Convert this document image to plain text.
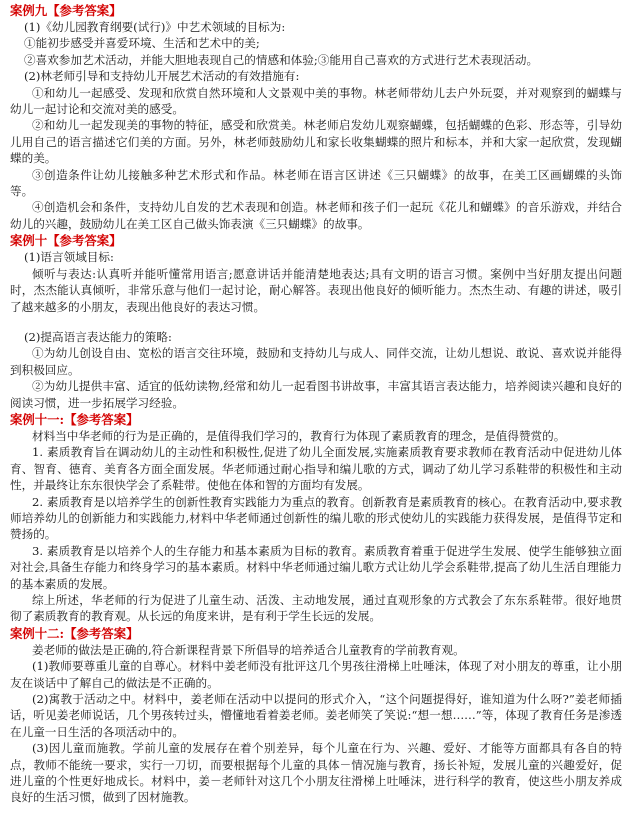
案例九【参考答案】

(1)《幼儿园教育纲要(试行)》中艺术领域的目标为:

①能初步感受并喜爱环境、生活和艺术中的美;

②喜欢参加艺术活动，并能大胆地表现自己的情感和体验;③能用自己喜欢的方式进行艺术表现活动。

(2)林老师引导和支持幼儿开展艺术活动的有效措施有:

①和幼儿一起感受、发现和欣赏自然环境和人文景观中美的事物。林老师带幼儿去户外玩耍，并对观察到的蝴蝶与幼儿一起讨论和交流对美的感受。

②和幼儿一起发现美的事物的特征，感受和欣赏美。林老师启发幼儿观察蝴蝶，包括蝴蝶的色彩、形态等，引导幼儿用自己的语言描述它们美的方面。另外，林老师鼓励幼儿和家长收集蝴蝶的照片和标本，并和大家一起欣赏，发现蝴蝶的美。

③创造条件让幼儿接触多种艺术形式和作品。林老师在语言区讲述《三只蝴蝶》的故事，在美工区画蝴蝶的头饰等。

④创造机会和条件，支持幼儿自发的艺术表现和创造。林老师和孩子们一起玩《花儿和蝴蝶》的音乐游戏，并结合幼儿的兴趣，鼓励幼儿在美工区自己做头饰表演《三只蝴蝶》的故事。

案例十【参考答案】

(1)语言领域目标:

倾听与表达:认真听并能听懂常用语言;愿意讲话并能清楚地表达;具有文明的语言习惯。案例中当好朋友提出问题时，杰杰能认真倾听，非常乐意与他们一起讨论，耐心解答。表现出他良好的倾听能力。杰杰生动、有趣的讲述，吸引了越来越多的小朋友，表现出他良好的表达习惯。

(2)提高语言表达能力的策略:

①为幼儿创设自由、宽松的语言交往环境，鼓励和支持幼儿与成人、同伴交流，让幼儿想说、敢说、喜欢说并能得到积极回应。

②为幼儿提供丰富、适宜的低幼读物,经常和幼儿一起看图书讲故事，丰富其语言表达能力，培养阅读兴趣和良好的阅读习惯，进一步拓展学习经验。

案例十一:【参考答案】

材料当中华老师的行为是正确的，是值得我们学习的，教育行为体现了素质教育的理念，是值得赞赏的。

1. 素质教育旨在调动幼儿的主动性和积极性,促进了幼儿全面发展,实施素质教育要求教师在教育活动中促进幼儿体育、智育、德育、美育各方面全面发展。华老师通过耐心指导和编儿歌的方式，调动了幼儿学习系鞋带的积极性和主动性，并最终让东东很快学会了系鞋带。使他在体和智的方面均有发展。

2. 素质教育是以培养学生的创新性教育实践能力为重点的教育。创新教育是素质教育的核心。在教育活动中,要求教师培养幼儿的创新能力和实践能力,材料中华老师通过创新性的编儿歌的形式使幼儿的实践能力获得发展，是值得节定和赞扬的。

3. 素质教育是以培养个人的生存能力和基本素质为目标的教育。素质教育着重于促进学生发展、使学生能够独立面对社会,具备生存能力和终身学习的基本素质。材料中华老师通过编儿歌方式让幼儿学会系鞋带,提高了幼儿生活自理能力的基本素质的发展。

综上所述，华老师的行为促进了儿童生动、活泼、主动地发展，通过直观形象的方式教会了东东系鞋带。很好地贯彻了素质教育的教育观。从长远的角度来讲，是有利于学生长远的发展。

案例十二:【参考答案】

姜老师的做法是正确的,符合新课程背景下所倡导的培养适合儿童教育的学前教育观。

(1)教师要尊重儿童的自尊心。材料中姜老师没有批评这几个男孩往滑梯上吐唾沫，体现了对小朋友的尊重，让小朋友在谈话中了解自己的做法是不正确的。

(2)寓教于活动之中。材料中，姜老师在活动中以提问的形式介入，“这个问题提得好，谁知道为什么呀?”姜老师插话，听见姜老师说话，几个男孩转过头，懵懂地看着姜老师。姜老师笑了笑说:“想一想……”等，体现了教育任务是渗透在儿童一日生活的各项活动中的。

(3)因儿童而施教。学前儿童的发展存在着个别差异，每个儿童在行为、兴趣、爱好、才能等方面都具有各自的特点，教师不能统一要求，实行一刀切，而要根据每个儿童的具体－情况施与教育，扬长补短，发展儿童的兴趣爱好，促进儿童的个性更好地成长。材料中，姜－老师针对这几个小朋友往滑梯上吐唾沫，进行科学的教育，使这些小朋友养成良好的生活习惯，做到了因材施教。
